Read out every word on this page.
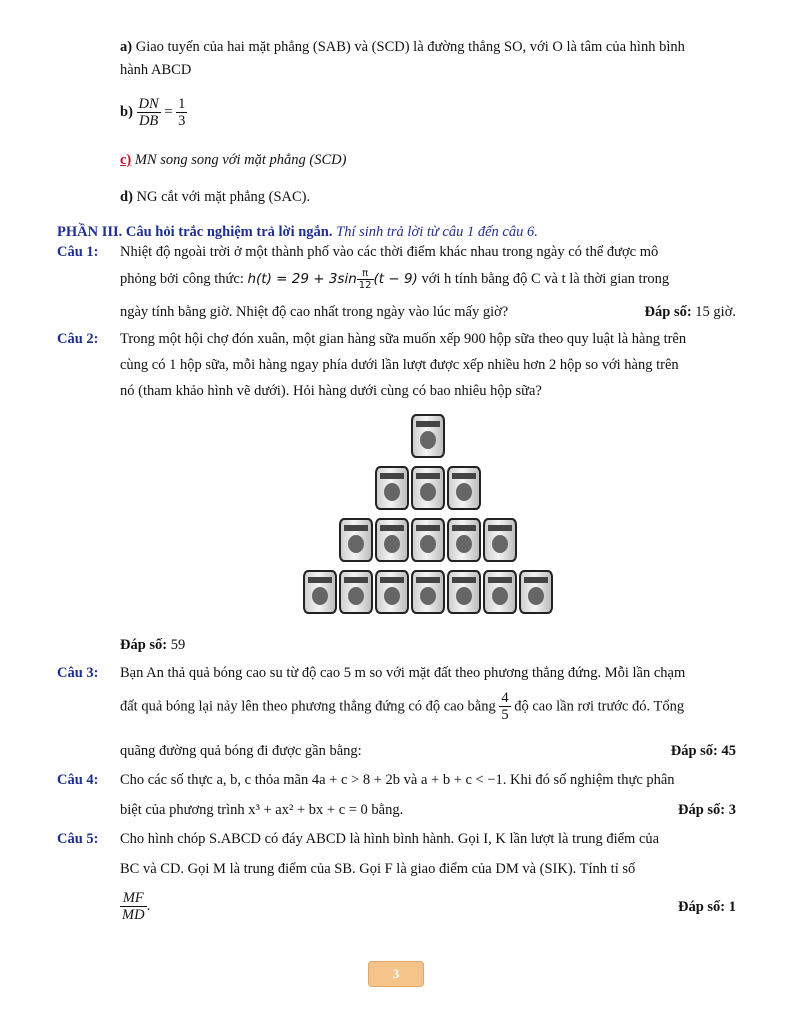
a) Giao tuyến của hai mặt phẳng (SAB) và (SCD) là đường thẳng SO, với O là tâm của hình bình
hành ABCD
$b) \frac{DN}{DB} = \frac{1}{3}$
c) MN song song với mặt phẳng (SCD)
d) NG cắt với mặt phẳng (SAC).
PHẦN III. Câu hỏi trắc nghiệm trả lời ngắn. Thí sinh trả lời từ câu 1 đến câu 6.
Câu 1: Nhiệt độ ngoài trời ở một thành phố vào các thời điểm khác nhau trong ngày có thể được mô
phỏng bởi công thức: $h(t) = 29 + 3\sin \frac{\pi}{12} (t - 9)$ với h tính bằng độ C và t là thời gian trong
ngày tính bằng giờ. Nhiệt độ cao nhất trong ngày vào lúc mấy giờ?	Đáp số: 15 giờ.
Câu 2: Trong một hội chợ đón xuân, một gian hàng sữa muốn xếp 900 hộp sữa theo quy luật là hàng trên
cùng có 1 hộp sữa, mỗi hàng ngay phía dưới lần lượt được xếp nhiều hơn 2 hộp so với hàng trên
nó (tham khảo hình vẽ dưới). Hỏi hàng dưới cùng có bao nhiêu hộp sữa?
Đáp số: 59
Câu 3: Bạn An thả quả bóng cao su từ độ cao 5 m so với mặt đất theo phương thẳng đứng. Mỗi lần chạm
đất quả bóng lại nảy lên theo phương thẳng đứng có độ cao bằng $\frac{4}{5}$ độ cao lần rơi trước đó. Tổng
quãng đường quả bóng đi được gần bằng:	Đáp số: 45
Câu 4: Cho các số thực a, b, c thỏa mãn 4a + c > 8 + 2b và a + b + c < −1. Khi đó số nghiệm thực phân
biệt của phương trình x³ + ax² + bx + c = 0 bằng.	Đáp số: 3
Câu 5: Cho hình chóp S.ABCD có đáy ABCD là hình bình hành. Gọi I, K lần lượt là trung điểm của
BC và CD. Gọi M là trung điểm của SB. Gọi F là giao điểm của DM và (SIK). Tính tỉ số
$\frac{MF}{MD}$ .	Đáp số: 1
3
